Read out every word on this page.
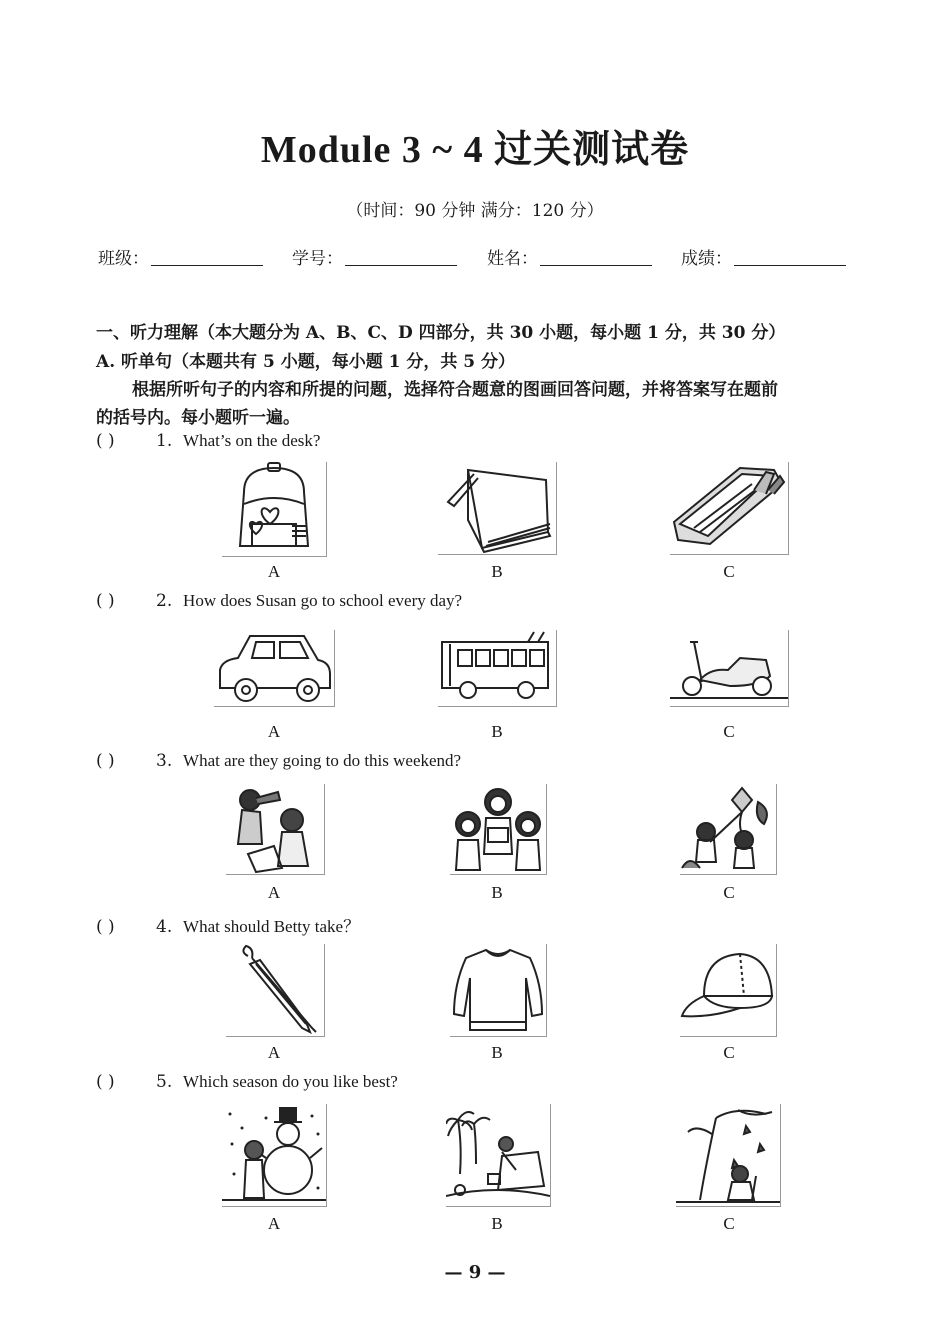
Module 3 ~ 4 过关测试卷
（时间：90 分钟 满分：120 分）
班级：	学号：	姓名：	成绩：
一、听力理解（本大题分为 A、B、C、D 四部分，共 30 小题，每小题 1 分，共 30 分）
A. 听单句（本题共有 5 小题，每小题 1 分，共 5 分）
根据所听句子的内容和所提的问题，选择符合题意的图画回答问题，并将答案写在题前
的括号内。每小题听一遍。
( ) 1. What’s on the desk?
A	B	C
( ) 2. How does Susan go to school every day?
A	B	C
( ) 3. What are they going to do this weekend?
A	B	C
( ) 4. What should Betty take？
A	B	C
( ) 5. Which season do you like best?
A	B	C
— 9 —
